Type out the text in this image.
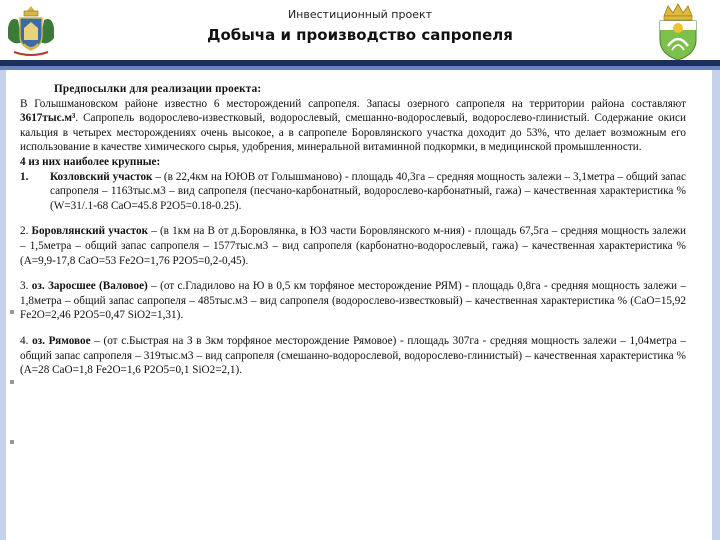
Инвестиционный проект
Добыча и производство сапропеля

Предпосылки для реализации проекта:

В Голышмановском районе известно 6 месторождений сапропеля. Запасы озерного сапропеля на территории района составляют 3617тыс.м³. Сапропель водорослево-известковый, водорослевый, смешанно-водорослевый, водорослево-глинистый. Содержание окиси кальция в четырех месторождениях очень высокое, а в сапропеле Боровлянского участка доходит до 53%, что делает возможным его использование в качестве химического сырья, удобрения, минеральной витаминной подкормки, в медицинской промышленности.

4 из них наиболее крупные:

1.	Козловский участок – (в 22,4км на ЮЮВ от Голышманово) - площадь 40,3га – средняя мощность залежи – 3,1метра – общий запас сапропеля – 1163тыс.м3 – вид сапропеля (песчано-карбонатный, водорослево-карбонатный, гажа) – качественная характеристика % (W=31/.1-68 CaO=45.8 P2O5=0.18-0.25).

2. Боровлянский участок – (в 1км на В от д.Боровлянка, в ЮЗ части Боровлянского м-ния) - площадь 67,5га – средняя мощность залежи – 1,5метра – общий запас сапропеля – 1577тыс.м3 – вид сапропеля (карбонатно-водорослевый, гажа) – качественная характеристика % (A=9,9-17,8 CaO=53 Fe2O=1,76 P2O5=0,2-0,45).

3. оз. Заросшее (Валовое) – (от с.Гладилово на Ю в 0,5 км торфяное месторождение РЯМ) - площадь 0,8га - средняя мощность залежи – 1,8метра – общий запас сапропеля – 485тыс.м3 – вид сапропеля (водорослево-известковый) – качественная характеристика % (CaO=15,92 Fe2O=2,46 P2O5=0,47 SiO2=1,31).

4. оз. Рямовое – (от с.Быстрая на З в 3км торфяное месторождение Рямовое) - площадь 307га - средняя мощность залежи – 1,04метра – общий запас сапропеля – 319тыс.м3 – вид сапропеля (смешанно-водорослевой, водорослево-глинистый) – качественная характеристика % (A=28 CaO=1,8 Fe2O=1,6 P2O5=0,1 SiO2=2,1).
